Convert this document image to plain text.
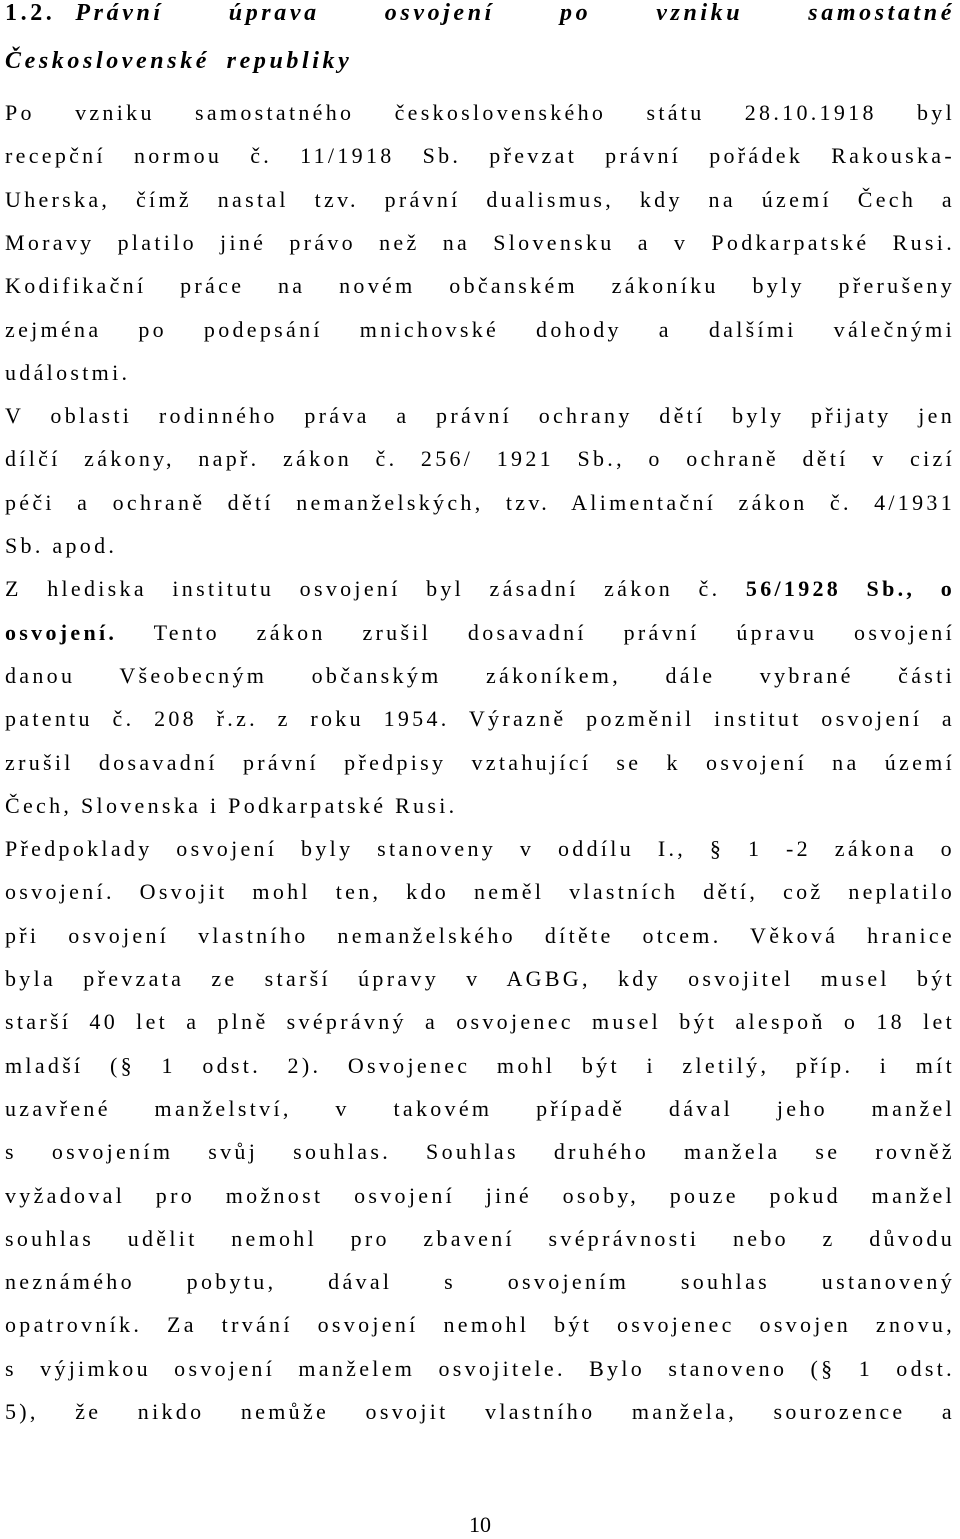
1.2. Právní úprava osvojení po vzniku samostatné
Československé republiky
Po vzniku samostatného československého státu 28.10.1918 byl
recepční normou č. 11/1918 Sb. převzat právní pořádek Rakouska-
Uherska, čímž nastal tzv. právní dualismus, kdy na území Čech a
Moravy platilo jiné právo než na Slovensku a v Podkarpatské Rusi.
Kodifikační práce na novém občanském zákoníku byly přerušeny
zejména po podepsání mnichovské dohody a dalšími válečnými
událostmi.
V oblasti rodinného práva a právní ochrany dětí byly přijaty jen
dílčí zákony, např. zákon č. 256/ 1921 Sb., o ochraně dětí v cizí
péči a ochraně dětí nemanželských, tzv. Alimentační zákon č. 4/1931
Sb. apod.
Z hlediska institutu osvojení byl zásadní zákon č. 56/1928 Sb., o
osvojení. Tento zákon zrušil dosavadní právní úpravu osvojení
danou Všeobecným občanským zákoníkem, dále vybrané části
patentu č. 208 ř.z. z roku 1954. Výrazně pozměnil institut osvojení a
zrušil dosavadní právní předpisy vztahující se k osvojení na území
Čech, Slovenska i Podkarpatské Rusi.
Předpoklady osvojení byly stanoveny v oddílu I., § 1 -2 zákona o
osvojení. Osvojit mohl ten, kdo neměl vlastních dětí, což neplatilo
při osvojení vlastního nemanželského dítěte otcem. Věková hranice
byla převzata ze starší úpravy v AGBG, kdy osvojitel musel být
starší 40 let a plně svéprávný a osvojenec musel být alespoň o 18 let
mladší (§ 1 odst. 2). Osvojenec mohl být i zletilý, příp. i mít
uzavřené manželství, v takovém případě dával jeho manžel
s osvojením svůj souhlas. Souhlas druhého manžela se rovněž
vyžadoval pro možnost osvojení jiné osoby, pouze pokud manžel
souhlas udělit nemohl pro zbavení svéprávnosti nebo z důvodu
neznámého pobytu, dával s osvojením souhlas ustanovený
opatrovník. Za trvání osvojení nemohl být osvojenec osvojen znovu,
s výjimkou osvojení manželem osvojitele. Bylo stanoveno (§ 1 odst.
5), že nikdo nemůže osvojit vlastního manžela, sourozence a
10
